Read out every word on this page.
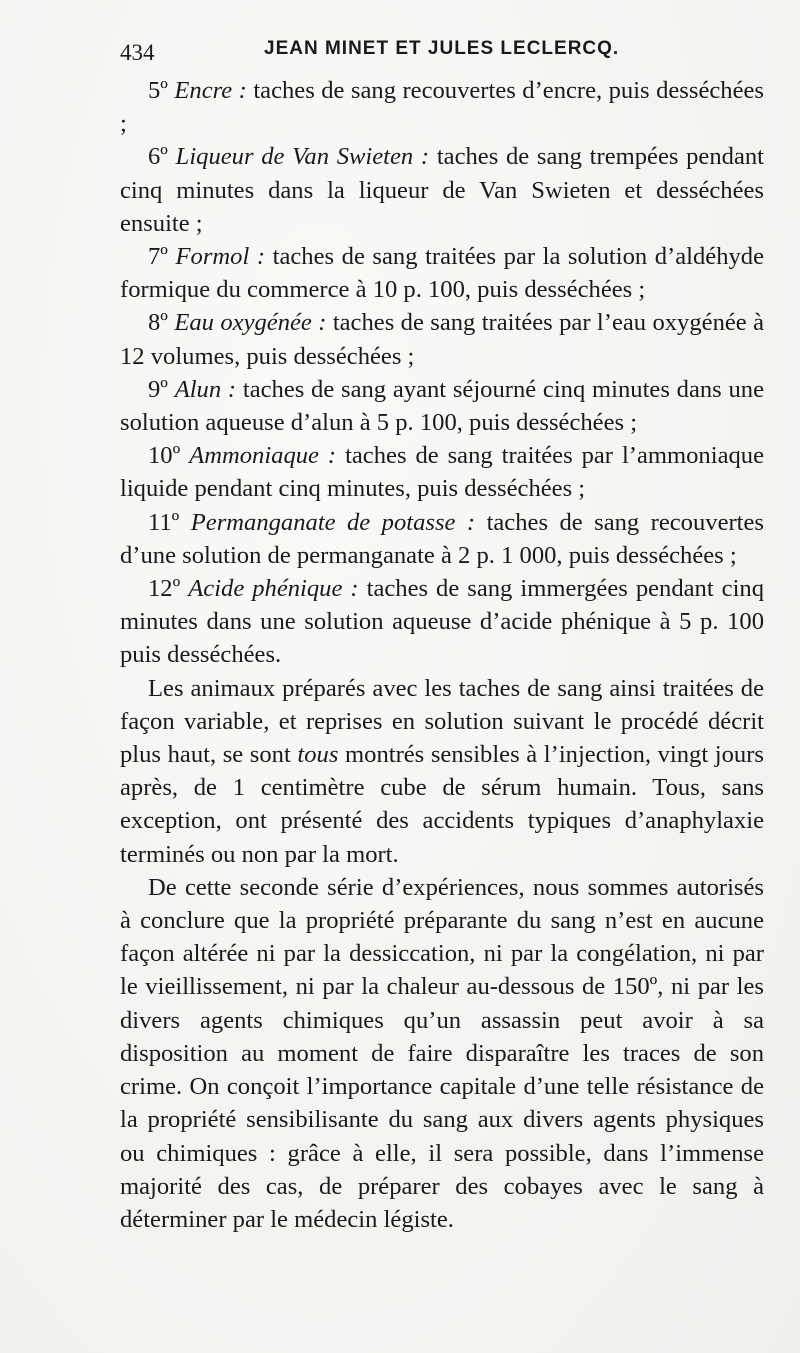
434	JEAN MINET ET JULES LECLERCQ.

5º Encre : taches de sang recouvertes d’encre, puis desséchées ;

6º Liqueur de Van Swieten : taches de sang trempées pendant cinq minutes dans la liqueur de Van Swieten et desséchées ensuite ;

7º Formol : taches de sang traitées par la solution d’aldéhyde formique du commerce à 10 p. 100, puis desséchées ;

8º Eau oxygénée : taches de sang traitées par l’eau oxygénée à 12 volumes, puis desséchées ;

9º Alun : taches de sang ayant séjourné cinq minutes dans une solution aqueuse d’alun à 5 p. 100, puis desséchées ;

10º Ammoniaque : taches de sang traitées par l’ammoniaque liquide pendant cinq minutes, puis desséchées ;

11º Permanganate de potasse : taches de sang recouvertes d’une solution de permanganate à 2 p. 1 000, puis desséchées ;

12º Acide phénique : taches de sang immergées pendant cinq minutes dans une solution aqueuse d’acide phénique à 5 p. 100 puis desséchées.

Les animaux préparés avec les taches de sang ainsi traitées de façon variable, et reprises en solution suivant le procédé décrit plus haut, se sont tous montrés sensibles à l’injection, vingt jours après, de 1 centimètre cube de sérum humain. Tous, sans exception, ont présenté des accidents typiques d’anaphylaxie terminés ou non par la mort.

De cette seconde série d’expériences, nous sommes autorisés à conclure que la propriété préparante du sang n’est en aucune façon altérée ni par la dessiccation, ni par la congélation, ni par le vieillissement, ni par la chaleur au-dessous de 150º, ni par les divers agents chimiques qu’un assassin peut avoir à sa disposition au moment de faire disparaître les traces de son crime. On conçoit l’importance capitale d’une telle résistance de la propriété sensibilisante du sang aux divers agents physiques ou chimiques : grâce à elle, il sera possible, dans l’immense majorité des cas, de préparer des cobayes avec le sang à déterminer par le médecin légiste.
